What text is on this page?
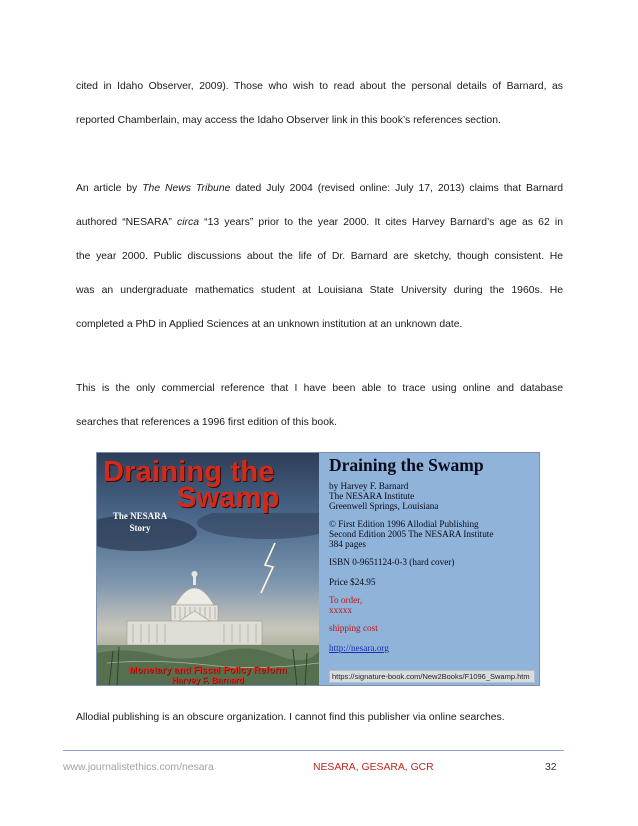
cited in Idaho Observer, 2009). Those who wish to read about the personal details of Barnard, as
reported Chamberlain, may access the Idaho Observer link in this book’s references section.
An article by The News Tribune dated July 2004 (revised online: July 17, 2013) claims that Barnard
authored “NESARA” circa “13 years” prior to the year 2000. It cites Harvey Barnard’s age as 62 in
the year 2000. Public discussions about the life of Dr. Barnard are sketchy, though consistent. He
was an undergraduate mathematics student at Louisiana State University during the 1960s. He
completed a PhD in Applied Sciences at an unknown institution at an unknown date.
This is the only commercial reference that I have been able to trace using online and database
searches that references a 1996 first edition of this book.
Draining the
Swamp
The NESARA
Story
Monetary and Fiscal Policy Reform
Harvey F. Barnard
Draining the Swamp
by Harvey F. Barnard
The NESARA Institute
Greenwell Springs, Louisiana
© First Edition 1996 Allodial Publishing
Second Edition 2005 The NESARA Institute
384 pages
ISBN 0-9651124-0-3 (hard cover)
Price $24.95
To order,
xxxxx
shipping cost
http://nesara.org
https://signature-book.com/New2Books/F1096_Swamp.htm
Allodial publishing is an obscure organization. I cannot find this publisher via online searches.
www.journalistethics.com/nesara	NESARA, GESARA, GCR	32
